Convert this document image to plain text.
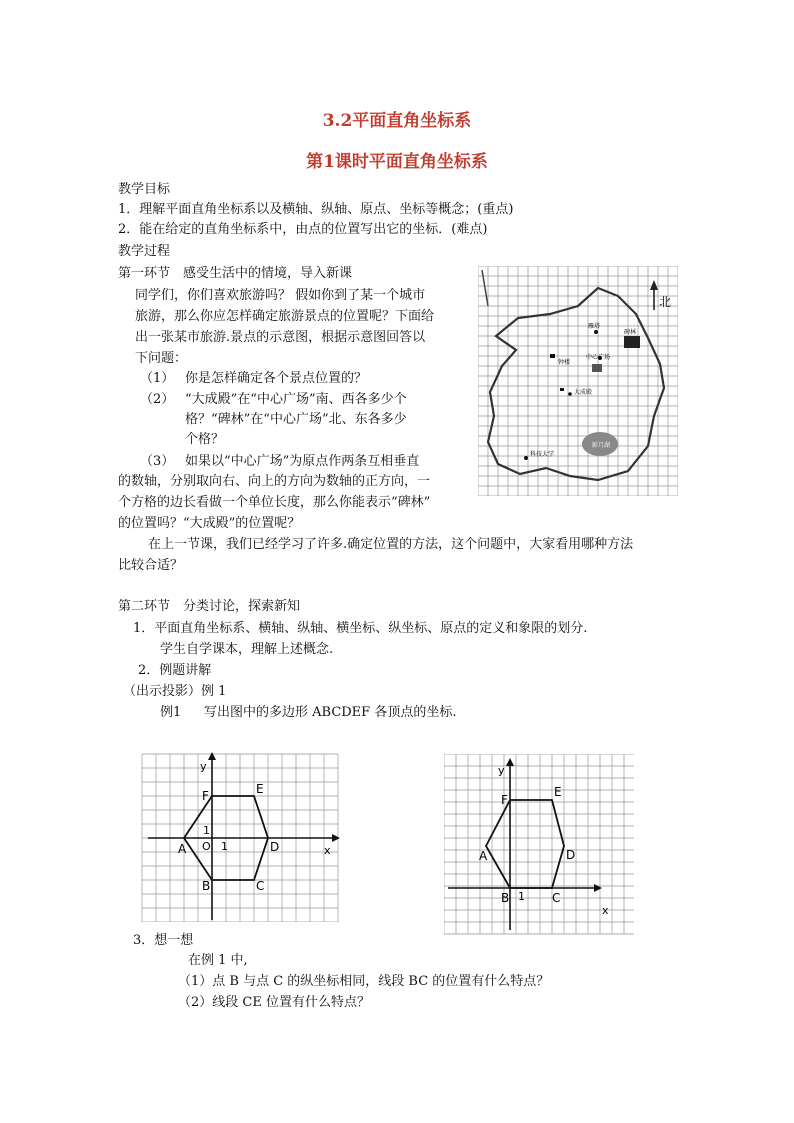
3.2平面直角坐标系
第1课时平面直角坐标系
教学目标
1．理解平面直角坐标系以及横轴、纵轴、原点、坐标等概念；(重点)
2．能在给定的直角坐标系中，由点的位置写出它的坐标．(难点)
教学过程
第一环节　感受生活中的情境，导入新课
同学们，你们喜欢旅游吗？ 假如你到了某一个城市
旅游，那么你应怎样确定旅游景点的位置呢？下面给
出一张某市旅游.景点的示意图，根据示意图回答以
下问题：
（1） 你是怎样确定各个景点位置的？
（2） “大成殿”在“中心广场”南、西各多少个
格？“碑林”在“中心广场”北、东各多少
个格？
（3） 如果以“中心广场”为原点作两条互相垂直
的数轴，分别取向右、向上的方向为数轴的正方向，一
个方格的边长看做一个单位长度，那么你能表示“碑林”
的位置吗？“大成殿”的位置呢？
在上一节课，我们已经学习了许多.确定位置的方法，这个问题中，大家看用哪种方法
比较合适？
北
雁塔
碑林
钟楼
中心广场
大成殿
影月湖
科技大学
第二环节　分类讨论，探索新知
1．平面直角坐标系、横轴、纵轴、横坐标、纵坐标、原点的定义和象限的划分.
学生自学课本，理解上述概念.
2．例题讲解
（出示投影）例 1
例1 写出图中的多边形 ABCDEF 各顶点的坐标.
y
x
O 1
1
A
B	C
D
E
F
y
x
1
A
B	C
D
E
F
3．想一想
在例 1 中,
（1）点 B 与点 C 的纵坐标相同，线段 BC 的位置有什么特点？
（2）线段 CE 位置有什么特点？
